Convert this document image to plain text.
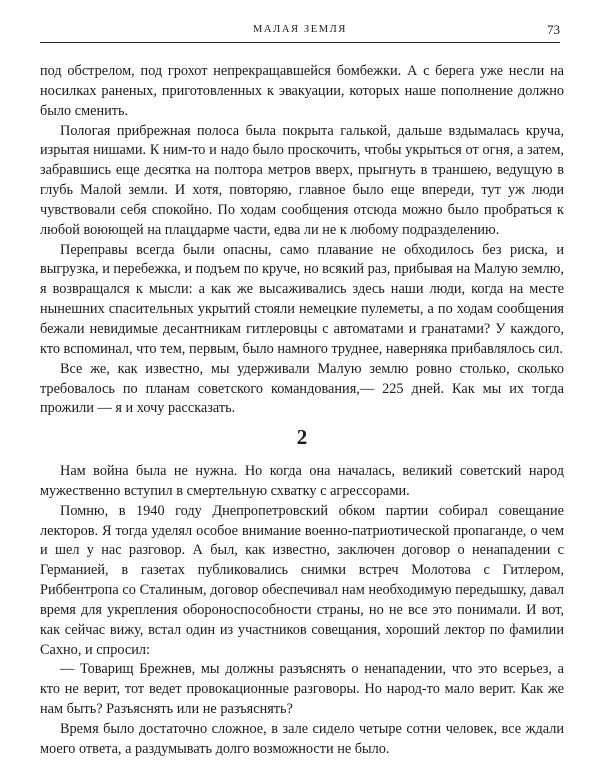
МАЛАЯ ЗЕМЛЯ	73

под обстрелом, под грохот непрекращавшейся бомбежки. А с берега уже несли на носилках раненых, приготовленных к эвакуации, которых наше пополнение должно было сменить.

Пологая прибрежная полоса была покрыта галькой, дальше вздымалась круча, изрытая нишами. К ним-то и надо было проскочить, чтобы укрыться от огня, а затем, забравшись еще десятка на полтора метров вверх, прыгнуть в траншею, ведущую в глубь Малой земли. И хотя, повторяю, главное было еще впереди, тут уж люди чувствовали себя спокойно. По ходам сообщения отсюда можно было пробраться к любой воюющей на плацдарме части, едва ли не к любому подразделению.

Переправы всегда были опасны, само плавание не обходилось без риска, и выгрузка, и перебежка, и подъем по круче, но всякий раз, прибывая на Малую землю, я возвращался к мысли: а как же высаживались здесь наши люди, когда на месте нынешних спасительных укрытий стояли немецкие пулеметы, а по ходам сообщения бежали невидимые десантникам гитлеровцы с автоматами и гранатами? У каждого, кто вспоминал, что тем, первым, было намного труднее, наверняка прибавлялось сил.

Все же, как известно, мы удерживали Малую землю ровно столько, сколько требовалось по планам советского командования,— 225 дней. Как мы их тогда прожили — я и хочу рассказать.

2

Нам война была не нужна. Но когда она началась, великий советский народ мужественно вступил в смертельную схватку с агрессорами.

Помню, в 1940 году Днепропетровский обком партии собирал совещание лекторов. Я тогда уделял особое внимание военно-патриотической пропаганде, о чем и шел у нас разговор. А был, как известно, заключен договор о ненападении с Германией, в газетах публиковались снимки встреч Молотова с Гитлером, Риббентропа со Сталиным, договор обеспечивал нам необходимую передышку, давал время для укрепления обороноспособности страны, но не все это понимали. И вот, как сейчас вижу, встал один из участников совещания, хороший лектор по фамилии Сахно, и спросил:

— Товарищ Брежнев, мы должны разъяснять о ненападении, что это всерьез, а кто не верит, тот ведет провокационные разговоры. Но народ-то мало верит. Как же нам быть? Разъяснять или не разъяснять?

Время было достаточно сложное, в зале сидело четыре сотни человек, все ждали моего ответа, а раздумывать долго возможности не было.
